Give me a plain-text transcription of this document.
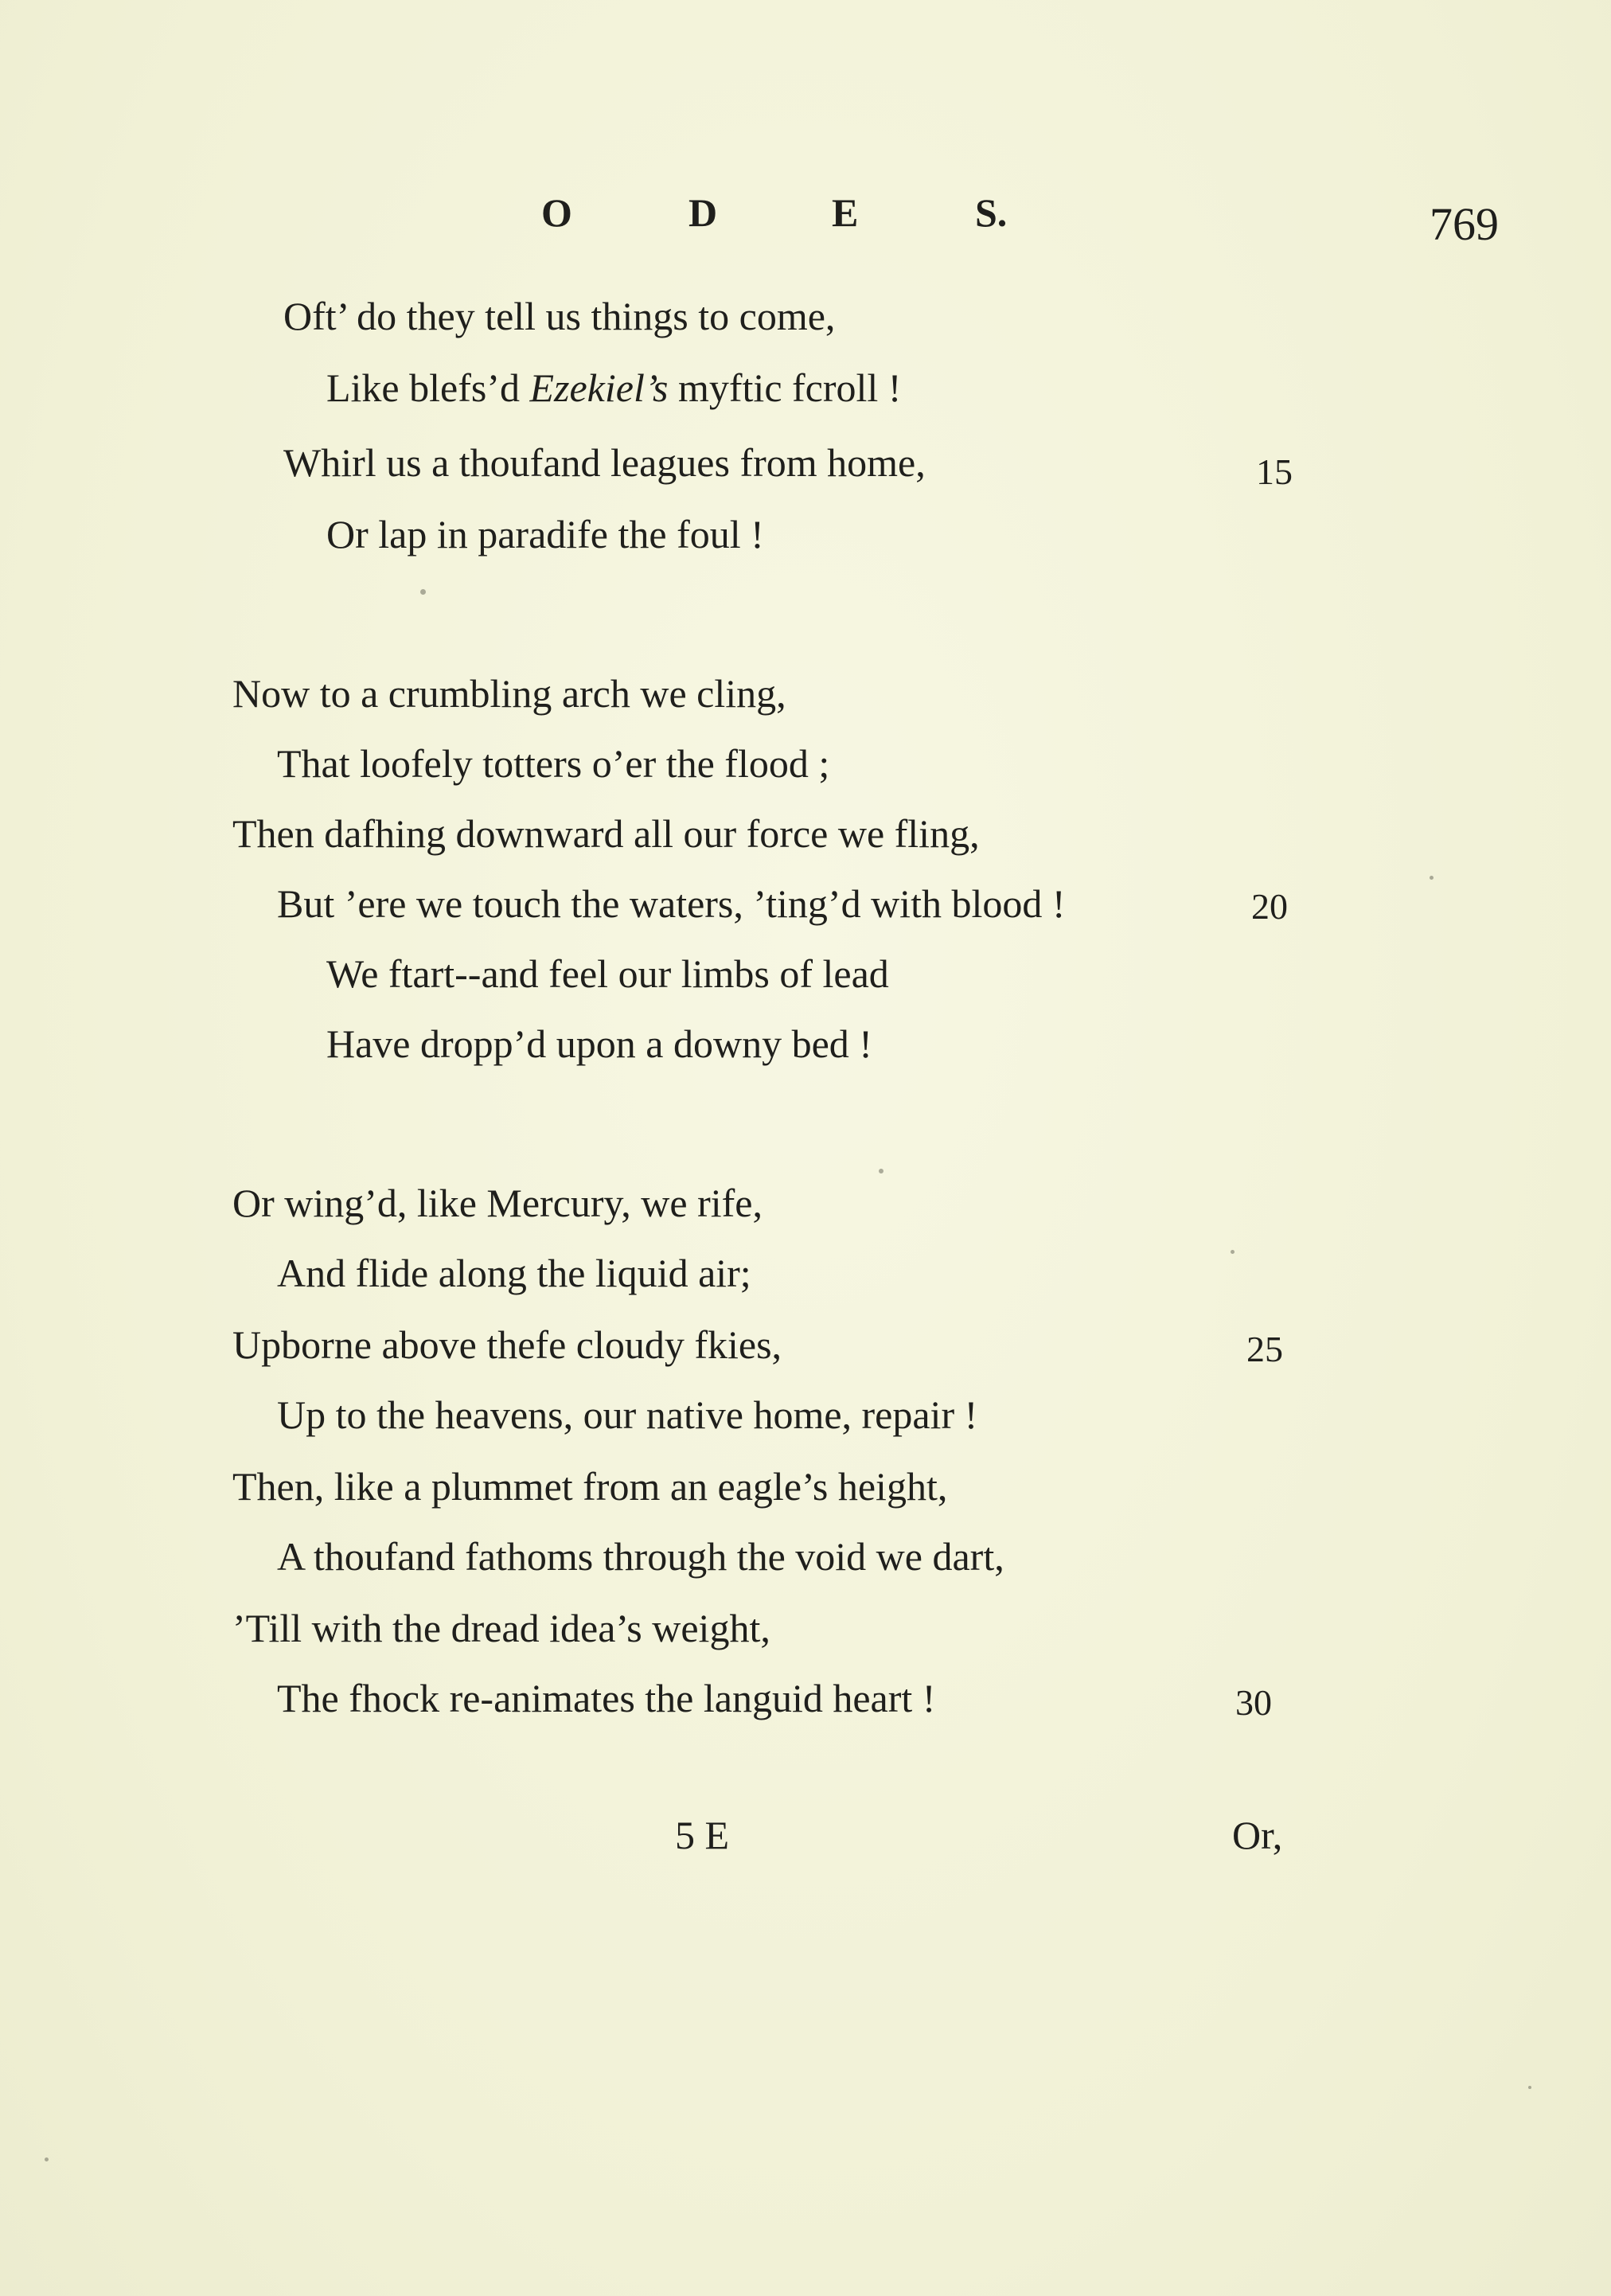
O	D	E	S.	769
Oft’ do they tell us things to come,
Like blefs’d Ezekiel’s myftic fcroll !
Whirl us a thoufand leagues from home,	15
Or lap in paradife the foul !
Now to a crumbling arch we cling,
That loofely totters o’er the flood ;
Then dafhing downward all our force we fling,
But ’ere we touch the waters, ’ting’d with blood !	20
We ftart--and feel our limbs of lead
Have dropp’d upon a downy bed !
Or wing’d, like Mercury, we rife,
And flide along the liquid air;
Upborne above thefe cloudy fkies,	25
Up to the heavens, our native home, repair !
Then, like a plummet from an eagle’s height,
A thoufand fathoms through the void we dart,
’Till with the dread idea’s weight,
The fhock re-animates the languid heart !	30
5 E	Or,
